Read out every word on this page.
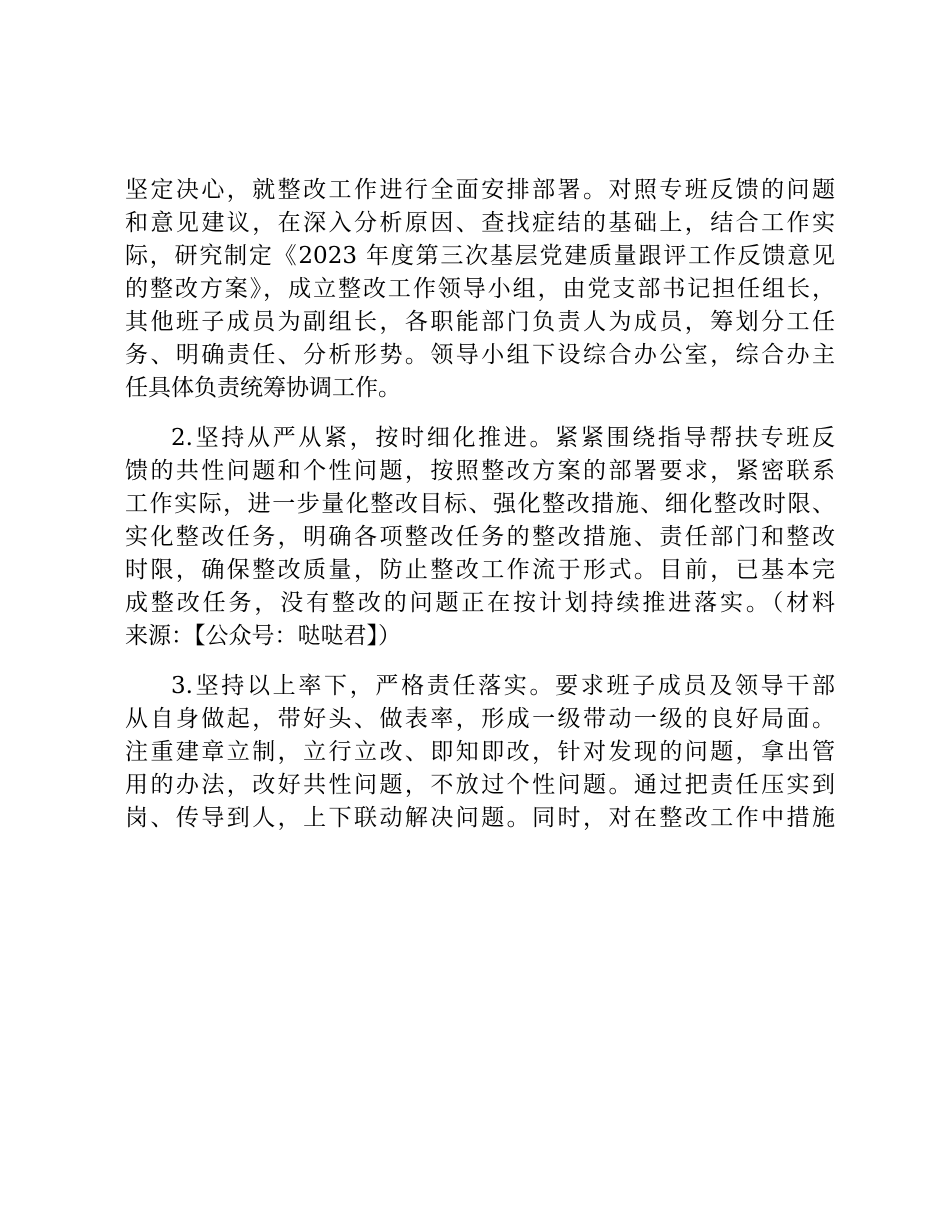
坚定决心，就整改工作进行全面安排部署。对照专班反馈的问题
和意见建议，在深入分析原因、查找症结的基础上，结合工作实
际，研究制定《2023 年度第三次基层党建质量跟评工作反馈意见
的整改方案》，成立整改工作领导小组，由党支部书记担任组长，
其他班子成员为副组长，各职能部门负责人为成员，筹划分工任
务、明确责任、分析形势。领导小组下设综合办公室，综合办主
任具体负责统筹协调工作。
2.坚持从严从紧，按时细化推进。紧紧围绕指导帮扶专班反
馈的共性问题和个性问题，按照整改方案的部署要求，紧密联系
工作实际，进一步量化整改目标、强化整改措施、细化整改时限、
实化整改任务，明确各项整改任务的整改措施、责任部门和整改
时限，确保整改质量，防止整改工作流于形式。目前，已基本完
成整改任务，没有整改的问题正在按计划持续推进落实。（材料
来源：【公众号：哒哒君】）
3.坚持以上率下，严格责任落实。要求班子成员及领导干部
从自身做起，带好头、做表率，形成一级带动一级的良好局面。
注重建章立制，立行立改、即知即改，针对发现的问题，拿出管
用的办法，改好共性问题，不放过个性问题。通过把责任压实到
岗、传导到人，上下联动解决问题。同时，对在整改工作中措施
